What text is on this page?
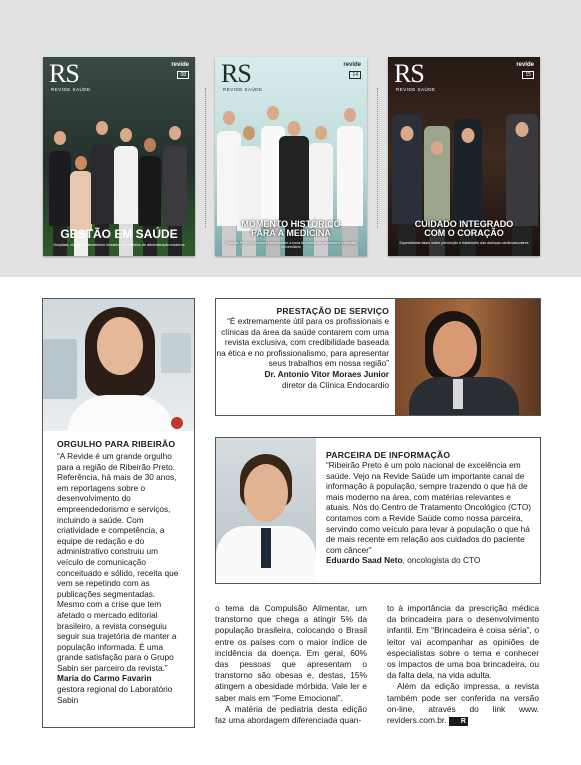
RS
REVIDE SAÚDE
revide
08
GESTÃO EM SAÚDE
Hospitais, clínicas e laboratórios investem em modelos de administração moderna
RS
REVIDE SAÚDE
revide
14
MOMENTO HISTÓRICO PARA A MEDICINA
Ribeirão Preto se prepara para receber a nova faculdade de medicina e o hospital universitário
RS
REVIDE SAÚDE
revide
15
CUIDADO INTEGRADO COM O CORAÇÃO
Especialistas falam sobre prevenção e tratamento das doenças cardiovasculares
ORGULHO PARA RIBEIRÃO
“A Revide é um grande orgulho para a região de Ribeirão Preto. Referência, há mais de 30 anos, em reportagens sobre o desenvolvimento do empreendedorismo e serviços, incluindo a saúde. Com criatividade e competência, a equipe de redação e do administrativo construiu um veículo de comunicação conceituado e sólido, receita que vem se repetindo com as publicações segmentadas. Mesmo com a crise que tem afetado o mercado editorial brasileiro, a revista conseguiu seguir sua trajetória de manter a população informada. É uma grande satisfação para o Grupo Sabin ser parceiro da revista.”
Maria do Carmo Favarin
gestora regional do Laboratório Sabin
PRESTAÇÃO DE SERVIÇO
“É extremamente útil para os profissionais e clínicas da área da saúde contarem com uma revista exclusiva, com credibilidade baseada na ética e no profissionalismo, para apresentar seus trabalhos em nossa região”
Dr. Antonio Vitor Moraes Junior
diretor da Clínica Endocardio
PARCEIRA DE INFORMAÇÃO
“Ribeirão Preto é um polo nacional de excelência em saúde. Vejo na Revide Saúde um importante canal de informação à população, sempre trazendo o que há de mais moderno na área, com matérias relevantes e atuais. Nós do Centro de Tratamento Oncológico (CTO) contamos com a Revide Saúde como nossa parceira, servindo como veículo para levar à população o que há de mais recente em relação aos cuidados do paciente com câncer”
Eduardo Saad Neto, oncologista do CTO

o tema da Compulsão Alimentar, um transtorno que chega a atingir 5% da população brasileira, colocando o Brasil entre os países com o maior índice de incidência da doença. Em geral, 60% das pessoas que apresentam o transtorno são obesas e, destas, 15% atingem a obesidade mórbida. Vale ler e saber mais em “Fome Emocional”.

A matéria de pediatria desta edição faz uma abordagem diferenciada quan-

to à importância da prescrição médica da brincadeira para o desenvolvimento infantil. Em “Brincadeira é coisa séria”, o leitor vai acompanhar as opiniões de especialistas sobre o tema e conhecer os impactos de uma boa brincadeira, ou da falta dela, na vida adulta.

Além da edição impressa, a revista também pode ser conferida na versão on-line, através do link www. reviders.com.br. R
